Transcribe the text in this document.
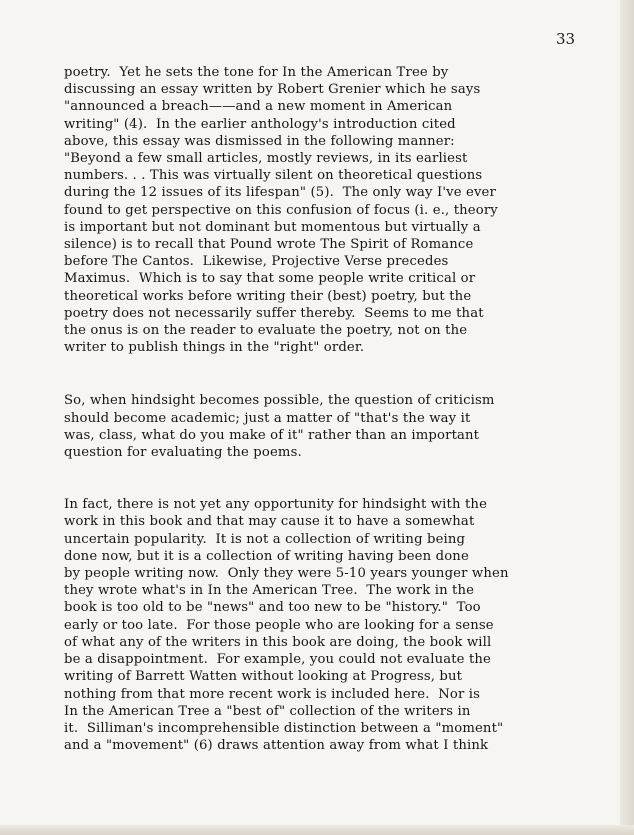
33

poetry.  Yet he sets the tone for In the American Tree by
discussing an essay written by Robert Grenier which he says
"announced a breach——and a new moment in American
writing" (4).  In the earlier anthology's introduction cited
above, this essay was dismissed in the following manner:
"Beyond a few small articles, mostly reviews, in its earliest
numbers. . . This was virtually silent on theoretical questions
during the 12 issues of its lifespan" (5).  The only way I've ever
found to get perspective on this confusion of focus (i. e., theory
is important but not dominant but momentous but virtually a
silence) is to recall that Pound wrote The Spirit of Romance
before The Cantos.  Likewise, Projective Verse precedes
Maximus.  Which is to say that some people write critical or
theoretical works before writing their (best) poetry, but the
poetry does not necessarily suffer thereby.  Seems to me that
the onus is on the reader to evaluate the poetry, not on the
writer to publish things in the "right" order.

So, when hindsight becomes possible, the question of criticism
should become academic; just a matter of "that's the way it
was, class, what do you make of it" rather than an important
question for evaluating the poems.

In fact, there is not yet any opportunity for hindsight with the
work in this book and that may cause it to have a somewhat
uncertain popularity.  It is not a collection of writing being
done now, but it is a collection of writing having been done
by people writing now.  Only they were 5-10 years younger when
they wrote what's in In the American Tree.  The work in the
book is too old to be "news" and too new to be "history."  Too
early or too late.  For those people who are looking for a sense
of what any of the writers in this book are doing, the book will
be a disappointment.  For example, you could not evaluate the
writing of Barrett Watten without looking at Progress, but
nothing from that more recent work is included here.  Nor is
In the American Tree a "best of" collection of the writers in
it.  Silliman's incomprehensible distinction between a "moment"
and a "movement" (6) draws attention away from what I think
